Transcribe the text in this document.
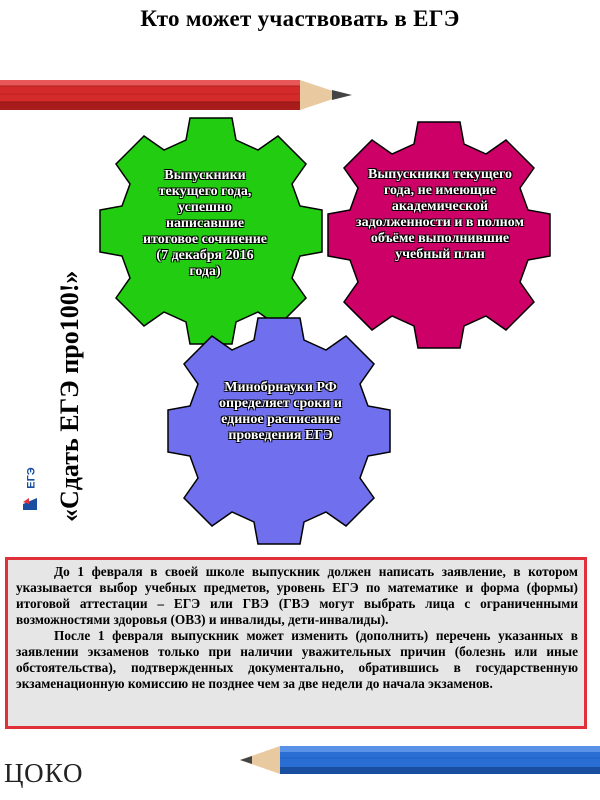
Кто может участвовать в ЕГЭ
Выпускники текущего года, успешно написавшие итоговое сочинение (7 декабря 2016 года)
Выпускники текущего года, не имеющие академической задолженности и в полном объёме выполнившие учебный план
Минобрнауки РФ определяет сроки и единое расписание проведения ЕГЭ
«Сдать ЕГЭ про100!»
ЕГЭ

До 1 февраля в своей школе выпускник должен написать заявление, в котором указывается выбор учебных предметов, уровень ЕГЭ по математике и форма (формы) итоговой аттестации – ЕГЭ или ГВЭ (ГВЭ могут выбрать лица с ограниченными возможностями здоровья (ОВЗ) и инвалиды, дети-инвалиды).

После 1 февраля выпускник может изменить (дополнить) перечень указанных в заявлении экзаменов только при наличии уважительных причин (болезнь или иные обстоятельства), подтвержденных документально, обратившись в государственную экзаменационную комиссию не позднее чем за две недели до начала экзаменов.

ЦОКО
